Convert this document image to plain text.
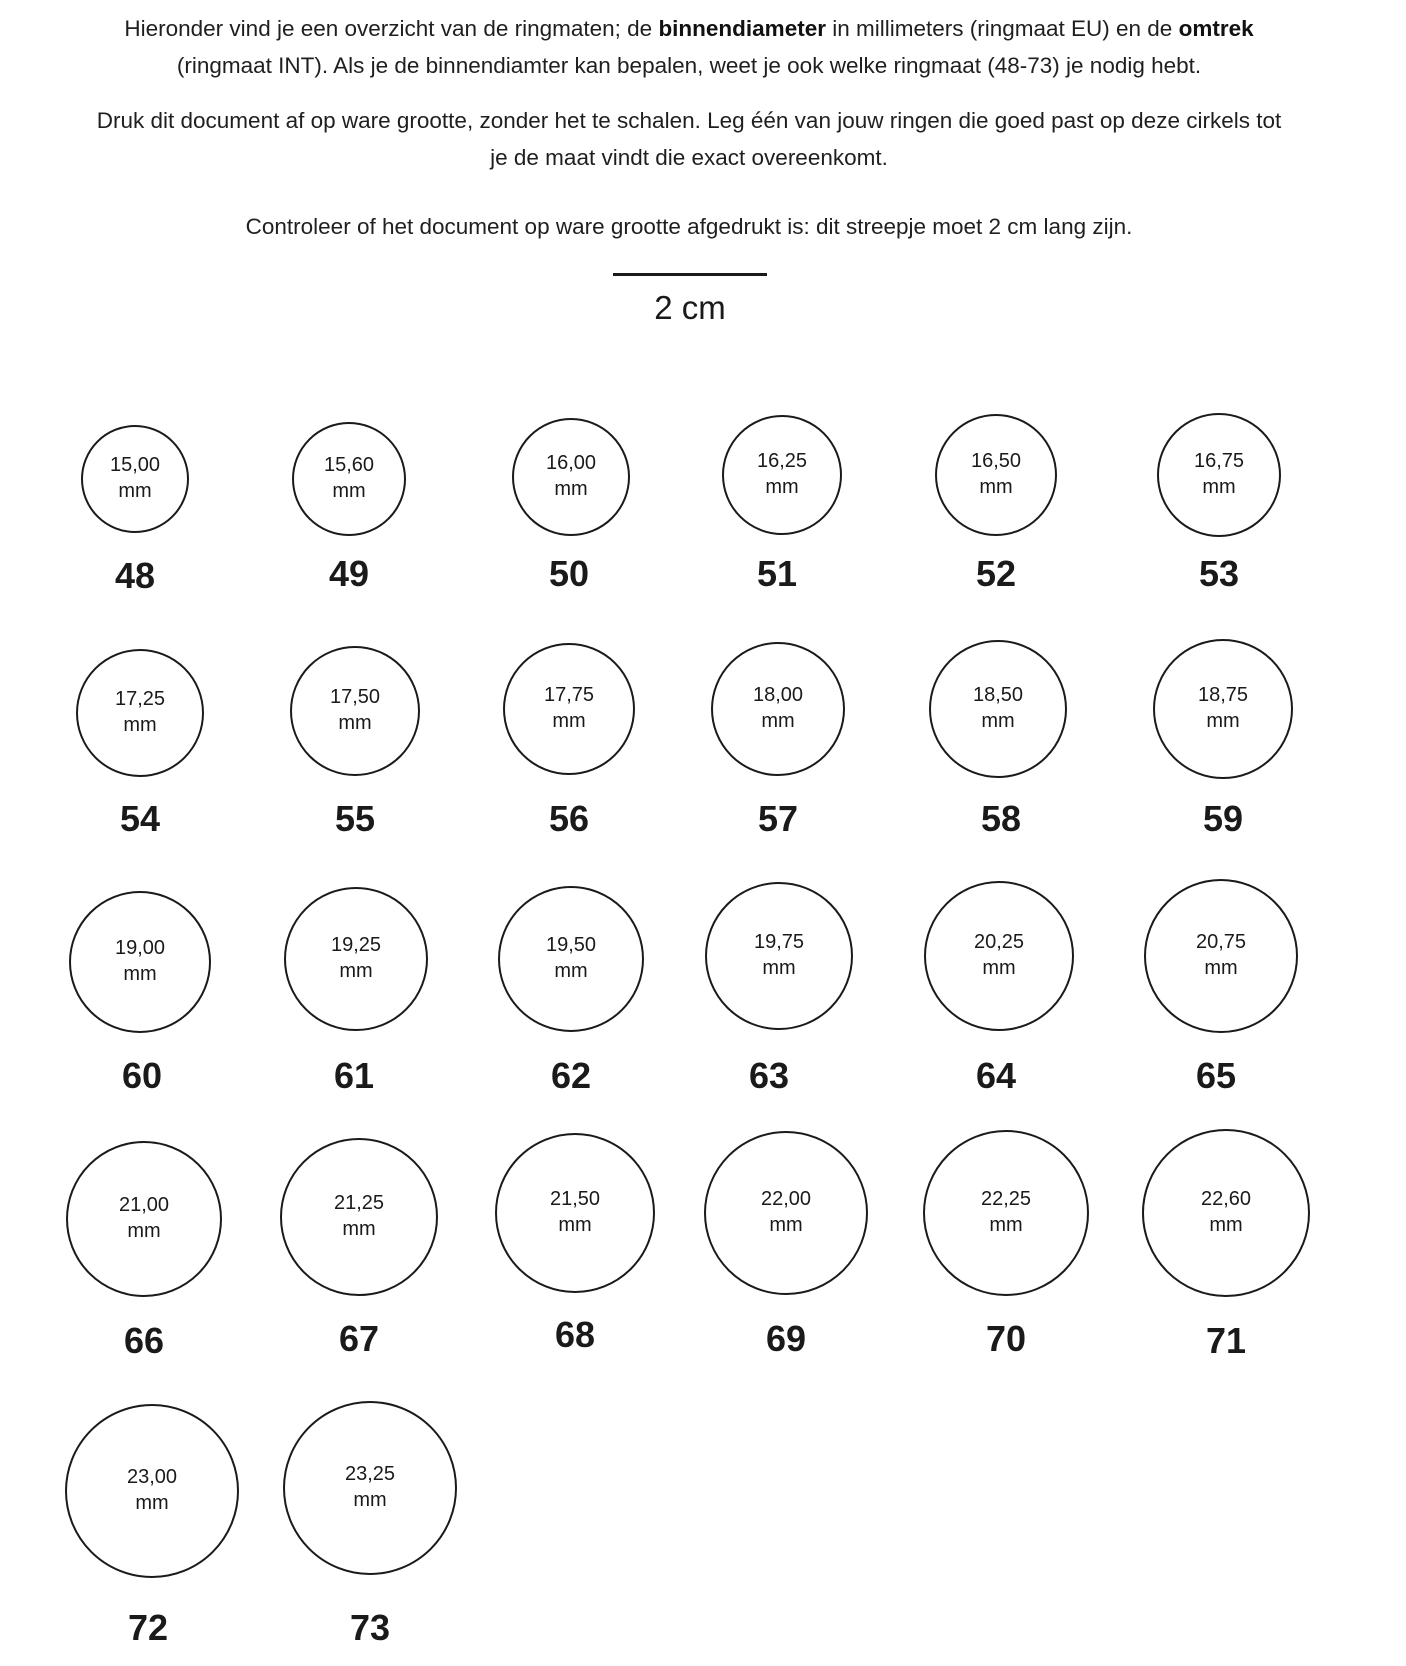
Hieronder vind je een overzicht van de ringmaten; de binnendiameter in millimeters (ringmaat EU) en de omtrek
(ringmaat INT). Als je de binnendiamter kan bepalen, weet je ook welke ringmaat (48-73) je nodig hebt.

Druk dit document af op ware grootte, zonder het te schalen. Leg één van jouw ringen die goed past op deze cirkels tot je de maat vindt die exact overeenkomt.

Controleer of het document op ware grootte afgedrukt is: dit streepje moet 2 cm lang zijn.

2 cm
15,00
mm
48
15,60
mm
49
16,00
mm
50
16,25
mm
51
16,50
mm
52
16,75
mm
53
17,25
mm
54
17,50
mm
55
17,75
mm
56
18,00
mm
57
18,50
mm
58
18,75
mm
59
19,00
mm
60
19,25
mm
61
19,50
mm
62
19,75
mm
63
20,25
mm
64
20,75
mm
65
21,00
mm
66
21,25
mm
67
21,50
mm
68
22,00
mm
69
22,25
mm
70
22,60
mm
71
23,00
mm
72
23,25
mm
73
